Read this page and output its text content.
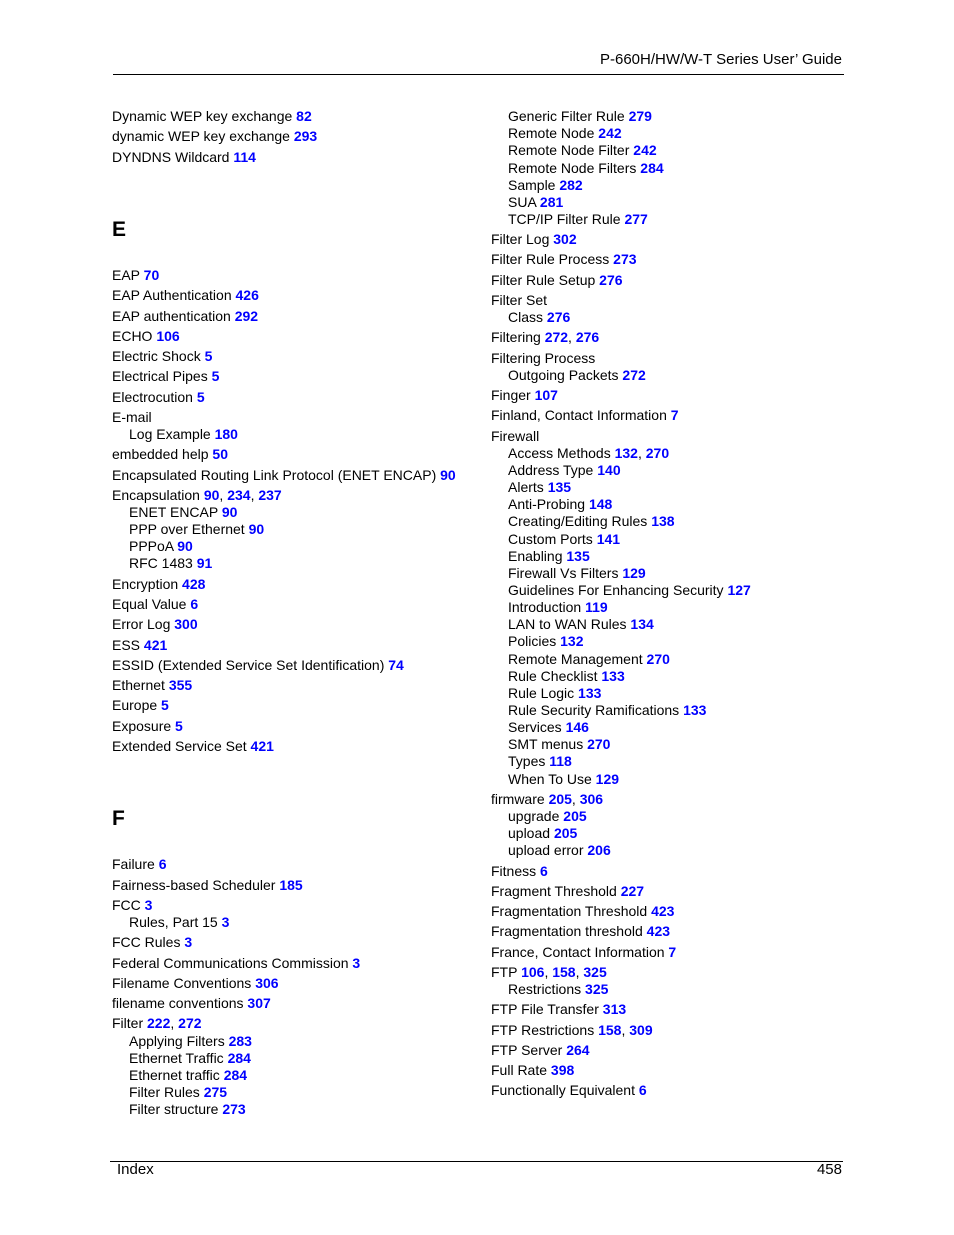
P-660H/HW/W-T Series User’ Guide
Dynamic WEP key exchange 82
dynamic WEP key exchange 293
DYNDNS Wildcard 114
E
EAP 70
EAP Authentication 426
EAP authentication 292
ECHO 106
Electric Shock 5
Electrical Pipes 5
Electrocution 5
E-mail
Log Example 180
embedded help 50
Encapsulated Routing Link Protocol (ENET ENCAP) 90
Encapsulation 90, 234, 237
ENET ENCAP 90
PPP over Ethernet 90
PPPoA 90
RFC 1483 91
Encryption 428
Equal Value 6
Error Log 300
ESS 421
ESSID (Extended Service Set Identification) 74
Ethernet 355
Europe 5
Exposure 5
Extended Service Set 421
F
Failure 6
Fairness-based Scheduler 185
FCC 3
Rules, Part 15 3
FCC Rules 3
Federal Communications Commission 3
Filename Conventions 306
filename conventions 307
Filter 222, 272
Applying Filters 283
Ethernet Traffic 284
Ethernet traffic 284
Filter Rules 275
Filter structure 273
Generic Filter Rule 279
Remote Node 242
Remote Node Filter 242
Remote Node Filters 284
Sample 282
SUA 281
TCP/IP Filter Rule 277
Filter Log 302
Filter Rule Process 273
Filter Rule Setup 276
Filter Set
Class 276
Filtering 272, 276
Filtering Process
Outgoing Packets 272
Finger 107
Finland, Contact Information 7
Firewall
Access Methods 132, 270
Address Type 140
Alerts 135
Anti-Probing 148
Creating/Editing Rules 138
Custom Ports 141
Enabling 135
Firewall Vs Filters 129
Guidelines For Enhancing Security 127
Introduction 119
LAN to WAN Rules 134
Policies 132
Remote Management 270
Rule Checklist 133
Rule Logic 133
Rule Security Ramifications 133
Services 146
SMT menus 270
Types 118
When To Use 129
firmware 205, 306
upgrade 205
upload 205
upload error 206
Fitness 6
Fragment Threshold 227
Fragmentation Threshold 423
Fragmentation threshold 423
France, Contact Information 7
FTP 106, 158, 325
Restrictions 325
FTP File Transfer 313
FTP Restrictions 158, 309
FTP Server 264
Full Rate 398
Functionally Equivalent 6
Index	458
